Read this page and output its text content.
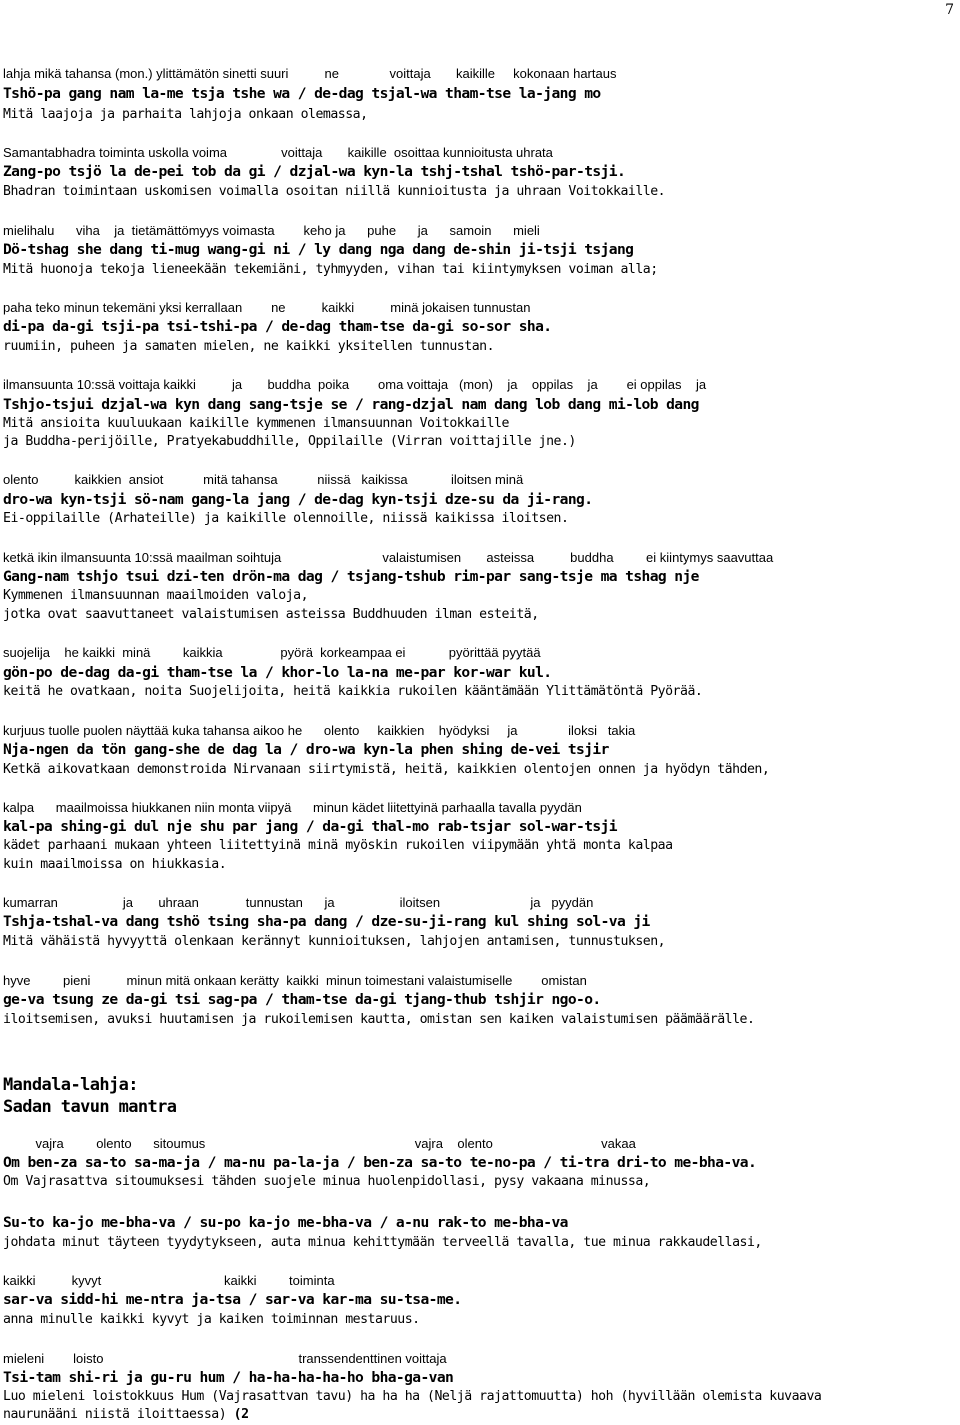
7
lahja mikä tahansa (mon.) ylittämätön sinetti suuri          ne              voittaja       kaikille     kokonaan hartaus
Tshö-pa gang nam la-me tsja tshe wa / de-dag tsjal-wa tham-tse la-jang mo
Mitä laajoja ja parhaita lahjoja onkaan olemassa,
Samantabhadra toiminta uskolla voima               voittaja       kaikille  osoittaa kunnioitusta uhrata
Zang-po tsjö la de-pei tob da gi / dzjal-wa kyn-la tshj-tshal tshö-par-tsji.
Bhadran toimintaan uskomisen voimalla osoitan niillä kunnioitusta ja uhraan Voitokkaille.
mielihalu      viha    ja  tietämättömyys voimasta        keho ja      puhe      ja      samoin      mieli
Dö-tshag she dang ti-mug wang-gi ni / ly dang nga dang de-shin ji-tsji tsjang
Mitä huonoja tekoja lieneekään tekemiäni, tyhmyyden, vihan tai kiintymyksen voiman alla;
paha teko minun tekemäni yksi kerrallaan        ne          kaikki          minä jokaisen tunnustan
di-pa da-gi tsji-pa tsi-tshi-pa / de-dag tham-tse da-gi so-sor sha.
ruumiin, puheen ja samaten mielen, ne kaikki yksitellen tunnustan.
ilmansuunta 10:ssä voittaja kaikki          ja       buddha  poika        oma voittaja   (mon)    ja    oppilas    ja        ei oppilas    ja
Tshjo-tsjui dzjal-wa kyn dang sang-tsje se / rang-dzjal nam dang lob dang mi-lob dang
Mitä ansioita kuuluukaan kaikille kymmenen ilmansuunnan Voitokkaille
ja Buddha-perijöille, Pratyekabuddhille, Oppilaille (Virran voittajille jne.)
olento          kaikkien  ansiot           mitä tahansa           niissä   kaikissa            iloitsen minä
dro-wa kyn-tsji sö-nam gang-la jang / de-dag kyn-tsji dze-su da ji-rang.
Ei-oppilaille (Arhateille) ja kaikille olennoille, niissä kaikissa iloitsen.
ketkä ikin ilmansuunta 10:ssä maailman soihtuja                            valaistumisen       asteissa          buddha         ei kiintymys saavuttaa
Gang-nam tshjo tsui dzi-ten drön-ma dag / tsjang-tshub rim-par sang-tsje ma tshag nje
Kymmenen ilmansuunnan maailmoiden valoja,
jotka ovat saavuttaneet valaistumisen asteissa Buddhuuden ilman esteitä,
suojelija    he kaikki  minä         kaikkia                pyörä  korkeampaa ei            pyörittää pyytää
gön-po de-dag da-gi tham-tse la / khor-lo la-na me-par kor-war kul.
keitä he ovatkaan, noita Suojelijoita, heitä kaikkia rukoilen kääntämään Ylittämätöntä Pyörää.
kurjuus tuolle puolen näyttää kuka tahansa aikoo he      olento     kaikkien    hyödyksi     ja              iloksi   takia
Nja-ngen da tön gang-she de dag la / dro-wa kyn-la phen shing de-vei tsjir
Ketkä aikovatkaan demonstroida Nirvanaan siirtymistä, heitä, kaikkien olentojen onnen ja hyödyn tähden,
kalpa      maailmoissa hiukkanen niin monta viipyä      minun kädet liitettyinä parhaalla tavalla pyydän
kal-pa shing-gi dul nje shu par jang / da-gi thal-mo rab-tsjar sol-war-tsji
kädet parhaani mukaan yhteen liitettyinä minä myöskin rukoilen viipymään yhtä monta kalpaa
kuin maailmoissa on hiukkasia.
kumarran                  ja       uhraan             tunnustan      ja                  iloitsen                         ja   pyydän
Tshja-tshal-va dang tshö tsing sha-pa dang / dze-su-ji-rang kul shing sol-va ji
Mitä vähäistä hyvyyttä olenkaan kerännyt kunnioituksen, lahjojen antamisen, tunnustuksen,
hyve         pieni          minun mitä onkaan kerätty  kaikki  minun toimestani valaistumiselle        omistan
ge-va tsung ze da-gi tsi sag-pa / tham-tse da-gi tjang-thub tshjir ngo-o.
iloitsemisen, avuksi huutamisen ja rukoilemisen kautta, omistan sen kaiken valaistumisen päämäärälle.
Mandala-lahja:
Sadan tavun mantra
vajra         olento      sitoumus                                                          vajra    olento                              vakaa
Om ben-za sa-to sa-ma-ja / ma-nu pa-la-ja / ben-za sa-to te-no-pa / ti-tra dri-to me-bha-va.
Om Vajrasattva sitoumuksesi tähden suojele minua huolenpidollasi, pysy vakaana minussa,
Su-to ka-jo me-bha-va / su-po ka-jo me-bha-va / a-nu rak-to me-bha-va
johdata minut täyteen tyydytykseen, auta minua kehittymään terveellä tavalla, tue minua rakkaudellasi,
kaikki          kyvyt                                  kaikki         toiminta
sar-va sidd-hi me-ntra ja-tsa / sar-va kar-ma su-tsa-me.
anna minulle kaikki kyvyt ja kaiken toiminnan mestaruus.
mieleni        loisto                                                      transsendenttinen voittaja
Tsi-tam shi-ri ja gu-ru hum / ha-ha-ha-ha-ho bha-ga-van
Luo mieleni loistokkuus Hum (Vajrasattvan tavu) ha ha ha (Neljä rajattomuutta) hoh (hyvillään olemista kuvaava
naurunääni niistä iloittaessa) (2
